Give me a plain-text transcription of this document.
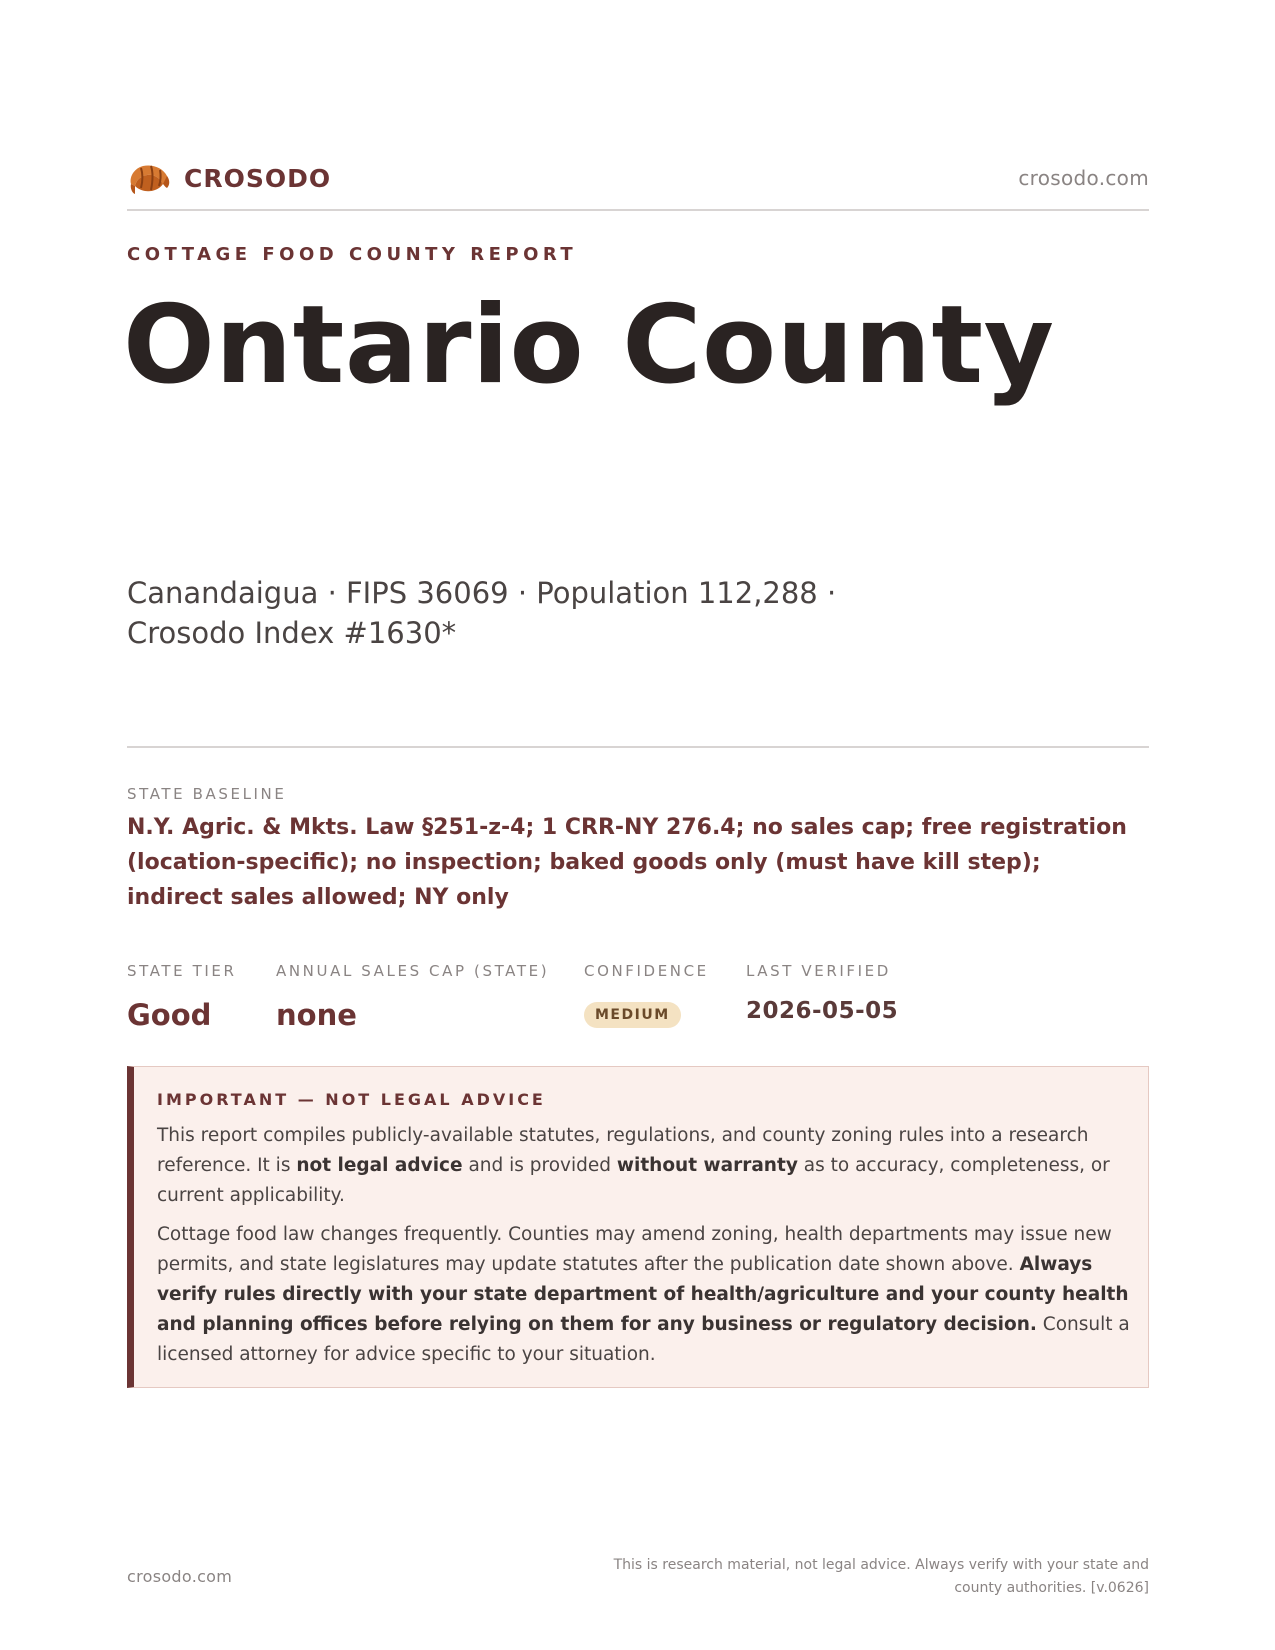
CROSODO	crosodo.com
COTTAGE FOOD COUNTY REPORT
Ontario County
Canandaigua · FIPS 36069 · Population 112,288 · Crosodo Index #1630*
STATE BASELINE
N.Y. Agric. & Mkts. Law §251-z-4; 1 CRR-NY 276.4; no sales cap; free registration (location-specific); no inspection; baked goods only (must have kill step); indirect sales allowed; NY only
STATE TIER
Good
ANNUAL SALES CAP (STATE)
none
CONFIDENCE
MEDIUM
LAST VERIFIED
2026-05-05
IMPORTANT — NOT LEGAL ADVICE
This report compiles publicly-available statutes, regulations, and county zoning rules into a research reference. It is not legal advice and is provided without warranty as to accuracy, completeness, or current applicability.
Cottage food law changes frequently. Counties may amend zoning, health departments may issue new permits, and state legislatures may update statutes after the publication date shown above. Always verify rules directly with your state department of health/agriculture and your county health and planning offices before relying on them for any business or regulatory decision. Consult a licensed attorney for advice specific to your situation.
crosodo.com
This is research material, not legal advice. Always verify with your state and county authorities. [v.0626]
